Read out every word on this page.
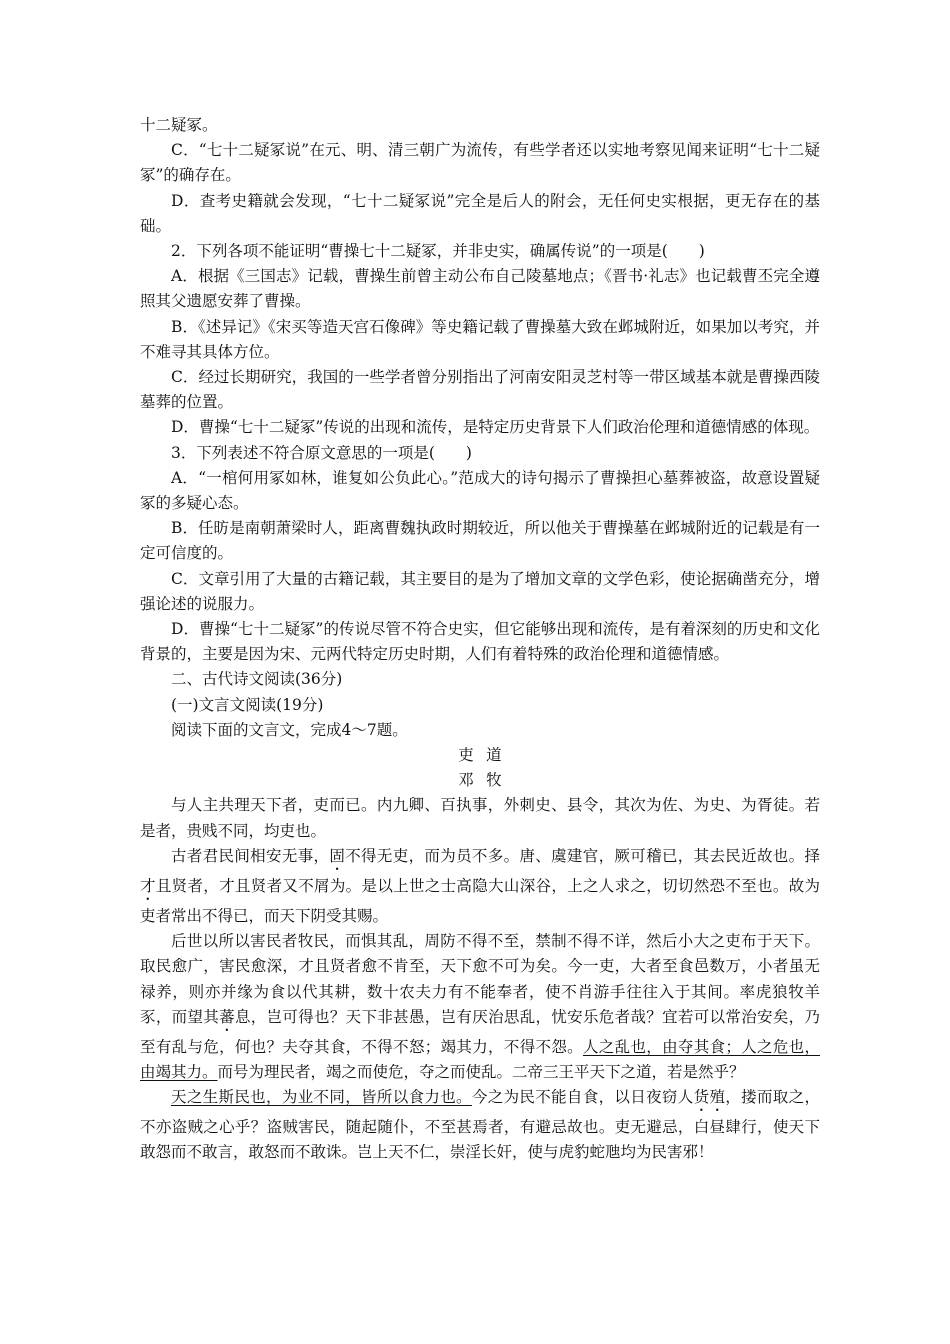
十二疑冢。

C．“七十二疑冢说”在元、明、清三朝广为流传，有些学者还以实地考察见闻来证明“七十二疑冢”的确存在。

D．查考史籍就会发现，“七十二疑冢说”完全是后人的附会，无任何史实根据，更无存在的基础。

2．下列各项不能证明“曹操七十二疑冢，并非史实，确属传说”的一项是(　　)

A．根据《三国志》记载，曹操生前曾主动公布自己陵墓地点；《晋书·礼志》也记载曹丕完全遵照其父遗愿安葬了曹操。

B．《述异记》《宋买等造天宫石像碑》等史籍记载了曹操墓大致在邺城附近，如果加以考究，并不难寻其具体方位。

C．经过长期研究，我国的一些学者曾分别指出了河南安阳灵芝村等一带区域基本就是曹操西陵墓葬的位置。

D．曹操“七十二疑冢”传说的出现和流传，是特定历史背景下人们政治伦理和道德情感的体现。

3．下列表述不符合原文意思的一项是(　　)

A．“一棺何用冢如林，谁复如公负此心。”范成大的诗句揭示了曹操担心墓葬被盗，故意设置疑冢的多疑心态。

B．任昉是南朝萧梁时人，距离曹魏执政时期较近，所以他关于曹操墓在邺城附近的记载是有一定可信度的。

C．文章引用了大量的古籍记载，其主要目的是为了增加文章的文学色彩，使论据确凿充分，增强论述的说服力。

D．曹操“七十二疑冢”的传说尽管不符合史实，但它能够出现和流传，是有着深刻的历史和文化背景的，主要是因为宋、元两代特定历史时期，人们有着特殊的政治伦理和道德情感。

二、古代诗文阅读(36分)

(一)文言文阅读(19分)

阅读下面的文言文，完成4～7题。

吏道

邓牧

与人主共理天下者，吏而已。内九卿、百执事，外刺史、县令，其次为佐、为史、为胥徒。若是者，贵贱不同，均吏也。

古者君民间相安无事，固不得无吏，而为员不多。唐、虞建官，厥可稽已，其去民近故也。择才且贤者，才且贤者又不屑为。是以上世之士高隐大山深谷，上之人求之，切切然恐不至也。故为吏者常出不得已，而天下阴受其赐。

后世以所以害民者牧民，而惧其乱，周防不得不至，禁制不得不详，然后小大之吏布于天下。取民愈广，害民愈深，才且贤者愈不肯至，天下愈不可为矣。今一吏，大者至食邑数万，小者虽无禄养，则亦并缘为食以代其耕，数十农夫力有不能奉者，使不肖游手往往入于其间。率虎狼牧羊豕，而望其蕃息，岂可得也？天下非甚愚，岂有厌治思乱，忧安乐危者哉？宜若可以常治安矣，乃至有乱与危，何也？夫夺其食，不得不怒；竭其力，不得不怨。人之乱也，由夺其食；人之危也，由竭其力。而号为理民者，竭之而使危，夺之而使乱。二帝三王平天下之道，若是然乎？

天之生斯民也，为业不同，皆所以食力也。今之为民不能自食，以日夜窃人货殖，搂而取之，不亦盗贼之心乎？盗贼害民，随起随仆，不至甚焉者，有避忌故也。吏无避忌，白昼肆行，使天下敢怨而不敢言，敢怒而不敢诛。岂上天不仁，崇淫长奸，使与虎豹蛇虺均为民害邪！
